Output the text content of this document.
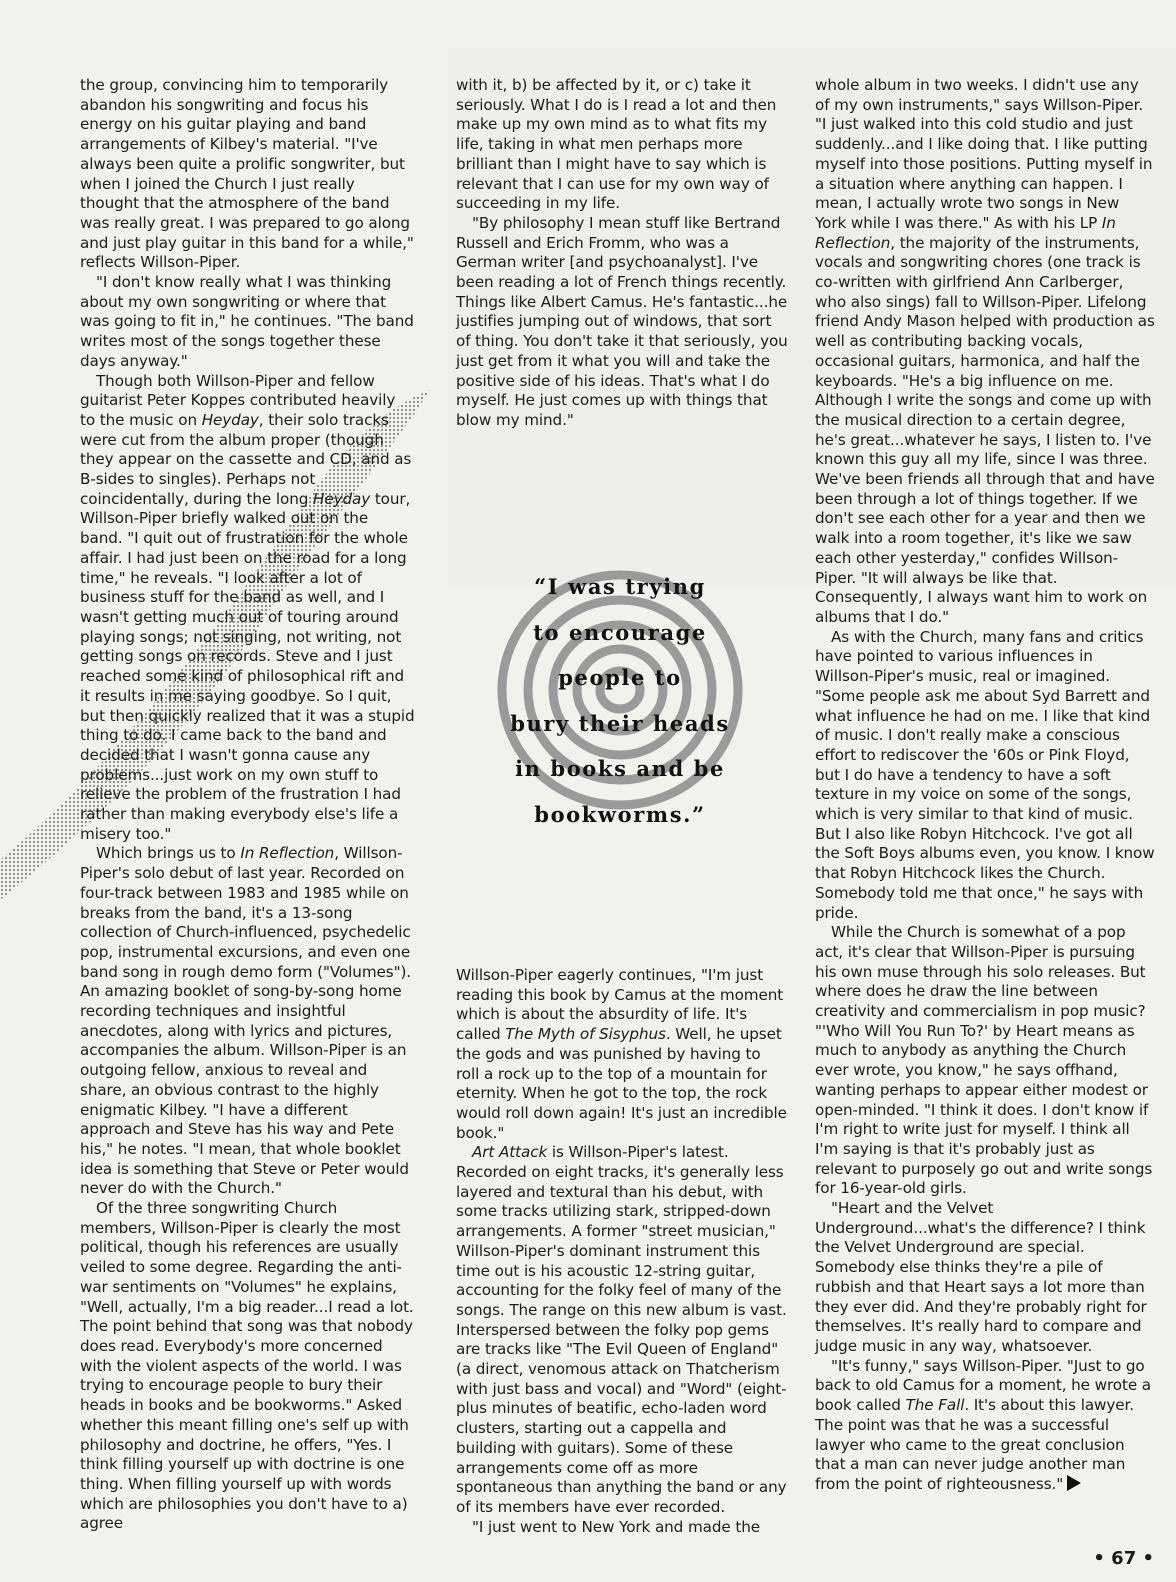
the group, convincing him to temporarily abandon his songwriting and focus his energy on his guitar playing and band arrangements of Kilbey's material. "I've always been quite a prolific songwriter, but when I joined the Church I just really thought that the atmosphere of the band was really great. I was prepared to go along and just play guitar in this band for a while," reflects Willson-Piper.

"I don't know really what I was thinking about my own songwriting or where that was going to fit in," he continues. "The band writes most of the songs together these days anyway."

Though both Willson-Piper and fellow guitarist Peter Koppes contributed heavily to the music on Heyday, their solo tracks were cut from the album proper (though they appear on the cassette and CD, and as B-sides to singles). Perhaps not coincidentally, during the long Heyday tour, Willson-Piper briefly walked out on the band. "I quit out of frustration for the whole affair. I had just been on the road for a long time," he reveals. "I look after a lot of business stuff for the band as well, and I wasn't getting much out of touring around playing songs; not singing, not writing, not getting songs on records. Steve and I just reached some kind of philosophical rift and it results in me saying goodbye. So I quit, but then quickly realized that it was a stupid thing to do. I came back to the band and decided that I wasn't gonna cause any problems...just work on my own stuff to relieve the problem of the frustration I had rather than making everybody else's life a misery too."

Which brings us to In Reflection, Willson-Piper's solo debut of last year. Recorded on four-track between 1983 and 1985 while on breaks from the band, it's a 13-song collection of Church-influenced, psychedelic pop, instrumental excursions, and even one band song in rough demo form ("Volumes"). An amazing booklet of song-by-song home recording techniques and insightful anecdotes, along with lyrics and pictures, accompanies the album. Willson-Piper is an outgoing fellow, anxious to reveal and share, an obvious contrast to the highly enigmatic Kilbey. "I have a different approach and Steve has his way and Pete his," he notes. "I mean, that whole booklet idea is something that Steve or Peter would never do with the Church."

Of the three songwriting Church members, Willson-Piper is clearly the most political, though his references are usually veiled to some degree. Regarding the anti-war sentiments on "Volumes" he explains, "Well, actually, I'm a big reader...I read a lot. The point behind that song was that nobody does read. Everybody's more concerned with the violent aspects of the world. I was trying to encourage people to bury their heads in books and be bookworms." Asked whether this meant filling one's self up with philosophy and doctrine, he offers, "Yes. I think filling yourself up with doctrine is one thing. When filling yourself up with words which are philosophies you don't have to a) agree

with it, b) be affected by it, or c) take it seriously. What I do is I read a lot and then make up my own mind as to what fits my life, taking in what men perhaps more brilliant than I might have to say which is relevant that I can use for my own way of succeeding in my life.

"By philosophy I mean stuff like Bertrand Russell and Erich Fromm, who was a German writer [and psychoanalyst]. I've been reading a lot of French things recently. Things like Albert Camus. He's fantastic...he justifies jumping out of windows, that sort of thing. You don't take it that seriously, you just get from it what you will and take the positive side of his ideas. That's what I do myself. He just comes up with things that blow my mind."

“I was trying
to encourage
people to
bury their heads
in books and be
bookworms.”

Willson-Piper eagerly continues, "I'm just reading this book by Camus at the moment which is about the absurdity of life. It's called The Myth of Sisyphus. Well, he upset the gods and was punished by having to roll a rock up to the top of a mountain for eternity. When he got to the top, the rock would roll down again! It's just an incredible book."

Art Attack is Willson-Piper's latest. Recorded on eight tracks, it's generally less layered and textural than his debut, with some tracks utilizing stark, stripped-down arrangements. A former "street musician," Willson-Piper's dominant instrument this time out is his acoustic 12-string guitar, accounting for the folky feel of many of the songs. The range on this new album is vast. Interspersed between the folky pop gems are tracks like "The Evil Queen of England" (a direct, venomous attack on Thatcherism with just bass and vocal) and "Word" (eight-plus minutes of beatific, echo-laden word clusters, starting out a cappella and building with guitars). Some of these arrangements come off as more spontaneous than anything the band or any of its members have ever recorded.

"I just went to New York and made the

whole album in two weeks. I didn't use any of my own instruments," says Willson-Piper. "I just walked into this cold studio and just suddenly...and I like doing that. I like putting myself into those positions. Putting myself in a situation where anything can happen. I mean, I actually wrote two songs in New York while I was there." As with his LP In Reflection, the majority of the instruments, vocals and songwriting chores (one track is co-written with girlfriend Ann Carlberger, who also sings) fall to Willson-Piper. Lifelong friend Andy Mason helped with production as well as contributing backing vocals, occasional guitars, harmonica, and half the keyboards. "He's a big influence on me. Although I write the songs and come up with the musical direction to a certain degree, he's great...whatever he says, I listen to. I've known this guy all my life, since I was three. We've been friends all through that and have been through a lot of things together. If we don't see each other for a year and then we walk into a room together, it's like we saw each other yesterday," confides Willson-Piper. "It will always be like that. Consequently, I always want him to work on albums that I do."

As with the Church, many fans and critics have pointed to various influences in Willson-Piper's music, real or imagined. "Some people ask me about Syd Barrett and what influence he had on me. I like that kind of music. I don't really make a conscious effort to rediscover the '60s or Pink Floyd, but I do have a tendency to have a soft texture in my voice on some of the songs, which is very similar to that kind of music. But I also like Robyn Hitchcock. I've got all the Soft Boys albums even, you know. I know that Robyn Hitchcock likes the Church. Somebody told me that once," he says with pride.

While the Church is somewhat of a pop act, it's clear that Willson-Piper is pursuing his own muse through his solo releases. But where does he draw the line between creativity and commercialism in pop music? "'Who Will You Run To?' by Heart means as much to anybody as anything the Church ever wrote, you know," he says offhand, wanting perhaps to appear either modest or open-minded. "I think it does. I don't know if I'm right to write just for myself. I think all I'm saying is that it's probably just as relevant to purposely go out and write songs for 16-year-old girls.

"Heart and the Velvet Underground...what's the difference? I think the Velvet Underground are special. Somebody else thinks they're a pile of rubbish and that Heart says a lot more than they ever did. And they're probably right for themselves. It's really hard to compare and judge music in any way, whatsoever.

"It's funny," says Willson-Piper. "Just to go back to old Camus for a moment, he wrote a book called The Fall. It's about this lawyer. The point was that he was a successful lawyer who came to the great conclusion that a man can never judge another man from the point of righteousness."

• 67 •
